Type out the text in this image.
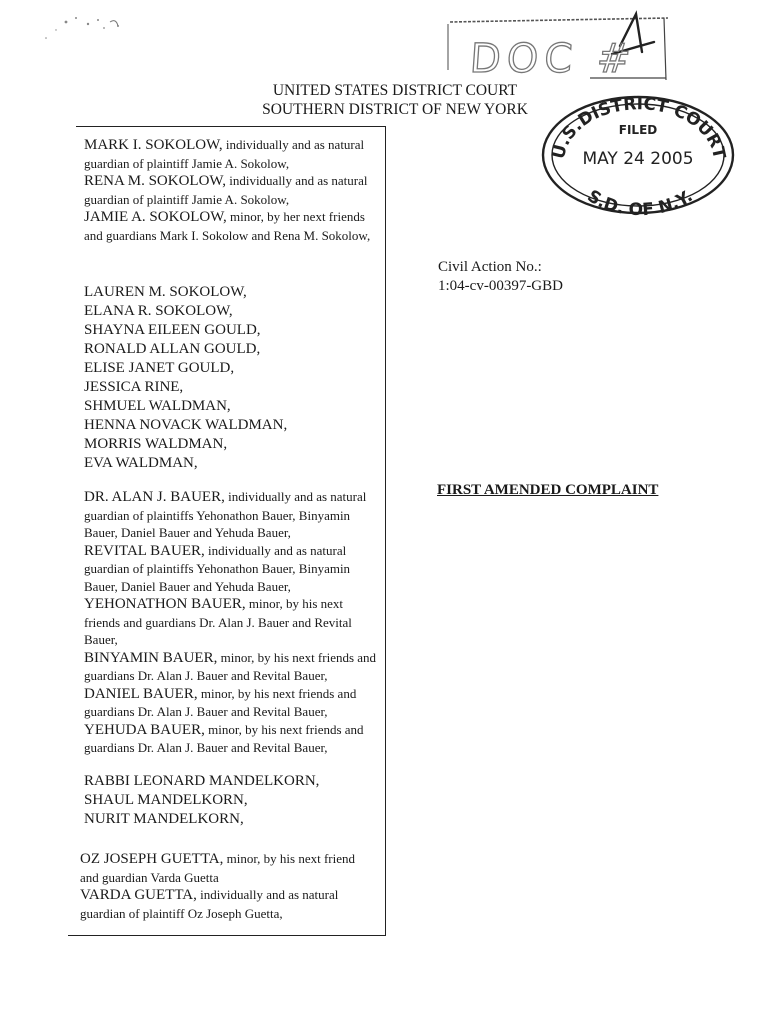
DOC #
UNITED STATES DISTRICT COURT
SOUTHERN DISTRICT OF NEW YORK
U.S.DISTRICT COURT
FILED
MAY 24 2005
S.D. OF N.Y.

MARK I. SOKOLOW, individually and as natural guardian of plaintiff Jamie A. Sokolow,

RENA M. SOKOLOW, individually and as natural guardian of plaintiff Jamie A. Sokolow,

JAMIE A. SOKOLOW, minor, by her next friends and guardians Mark I. Sokolow and Rena M. Sokolow,

LAUREN M. SOKOLOW,
ELANA R. SOKOLOW,
SHAYNA EILEEN GOULD,
RONALD ALLAN GOULD,
ELISE JANET GOULD,
JESSICA RINE,
SHMUEL WALDMAN,
HENNA NOVACK WALDMAN,
MORRIS WALDMAN,
EVA WALDMAN,

DR. ALAN J. BAUER, individually and as natural guardian of plaintiffs Yehonathon Bauer, Binyamin Bauer, Daniel Bauer and Yehuda Bauer,

REVITAL BAUER, individually and as natural guardian of plaintiffs Yehonathon Bauer, Binyamin Bauer, Daniel Bauer and Yehuda Bauer,

YEHONATHON BAUER, minor, by his next friends and guardians Dr. Alan J. Bauer and Revital Bauer,

BINYAMIN BAUER, minor, by his next friends and guardians Dr. Alan J. Bauer and Revital Bauer,

DANIEL BAUER, minor, by his next friends and guardians Dr. Alan J. Bauer and Revital Bauer,

YEHUDA BAUER, minor, by his next friends and guardians Dr. Alan J. Bauer and Revital Bauer,

RABBI LEONARD MANDELKORN,
SHAUL MANDELKORN,
NURIT MANDELKORN,

OZ JOSEPH GUETTA, minor, by his next friend and guardian Varda Guetta

VARDA GUETTA, individually and as natural guardian of plaintiff Oz Joseph Guetta,

Civil Action No.:
1:04-cv-00397-GBD
FIRST AMENDED COMPLAINT
